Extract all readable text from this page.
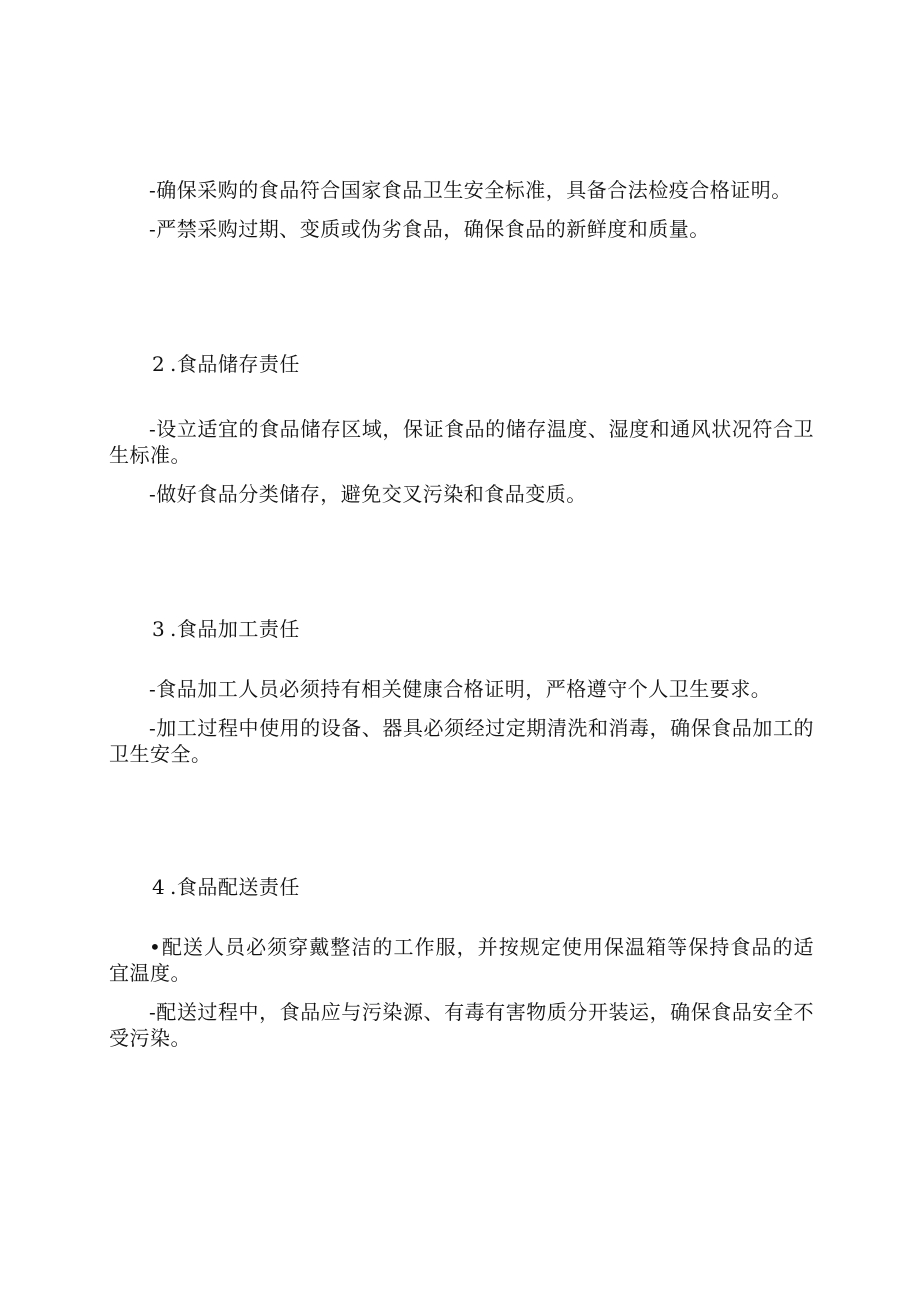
-确保采购的食品符合国家食品卫生安全标准，具备合法检疫合格证明。

-严禁采购过期、变质或伪劣食品，确保食品的新鲜度和质量。

2 .食品储存责任

-设立适宜的食品储存区域，保证食品的储存温度、湿度和通风状况符合卫生标准。

-做好食品分类储存，避免交叉污染和食品变质。

3 .食品加工责任

-食品加工人员必须持有相关健康合格证明，严格遵守个人卫生要求。

-加工过程中使用的设备、器具必须经过定期清洗和消毒，确保食品加工的卫生安全。

4 .食品配送责任

•配送人员必须穿戴整洁的工作服，并按规定使用保温箱等保持食品的适宜温度。

-配送过程中，食品应与污染源、有毒有害物质分开装运，确保食品安全不受污染。
